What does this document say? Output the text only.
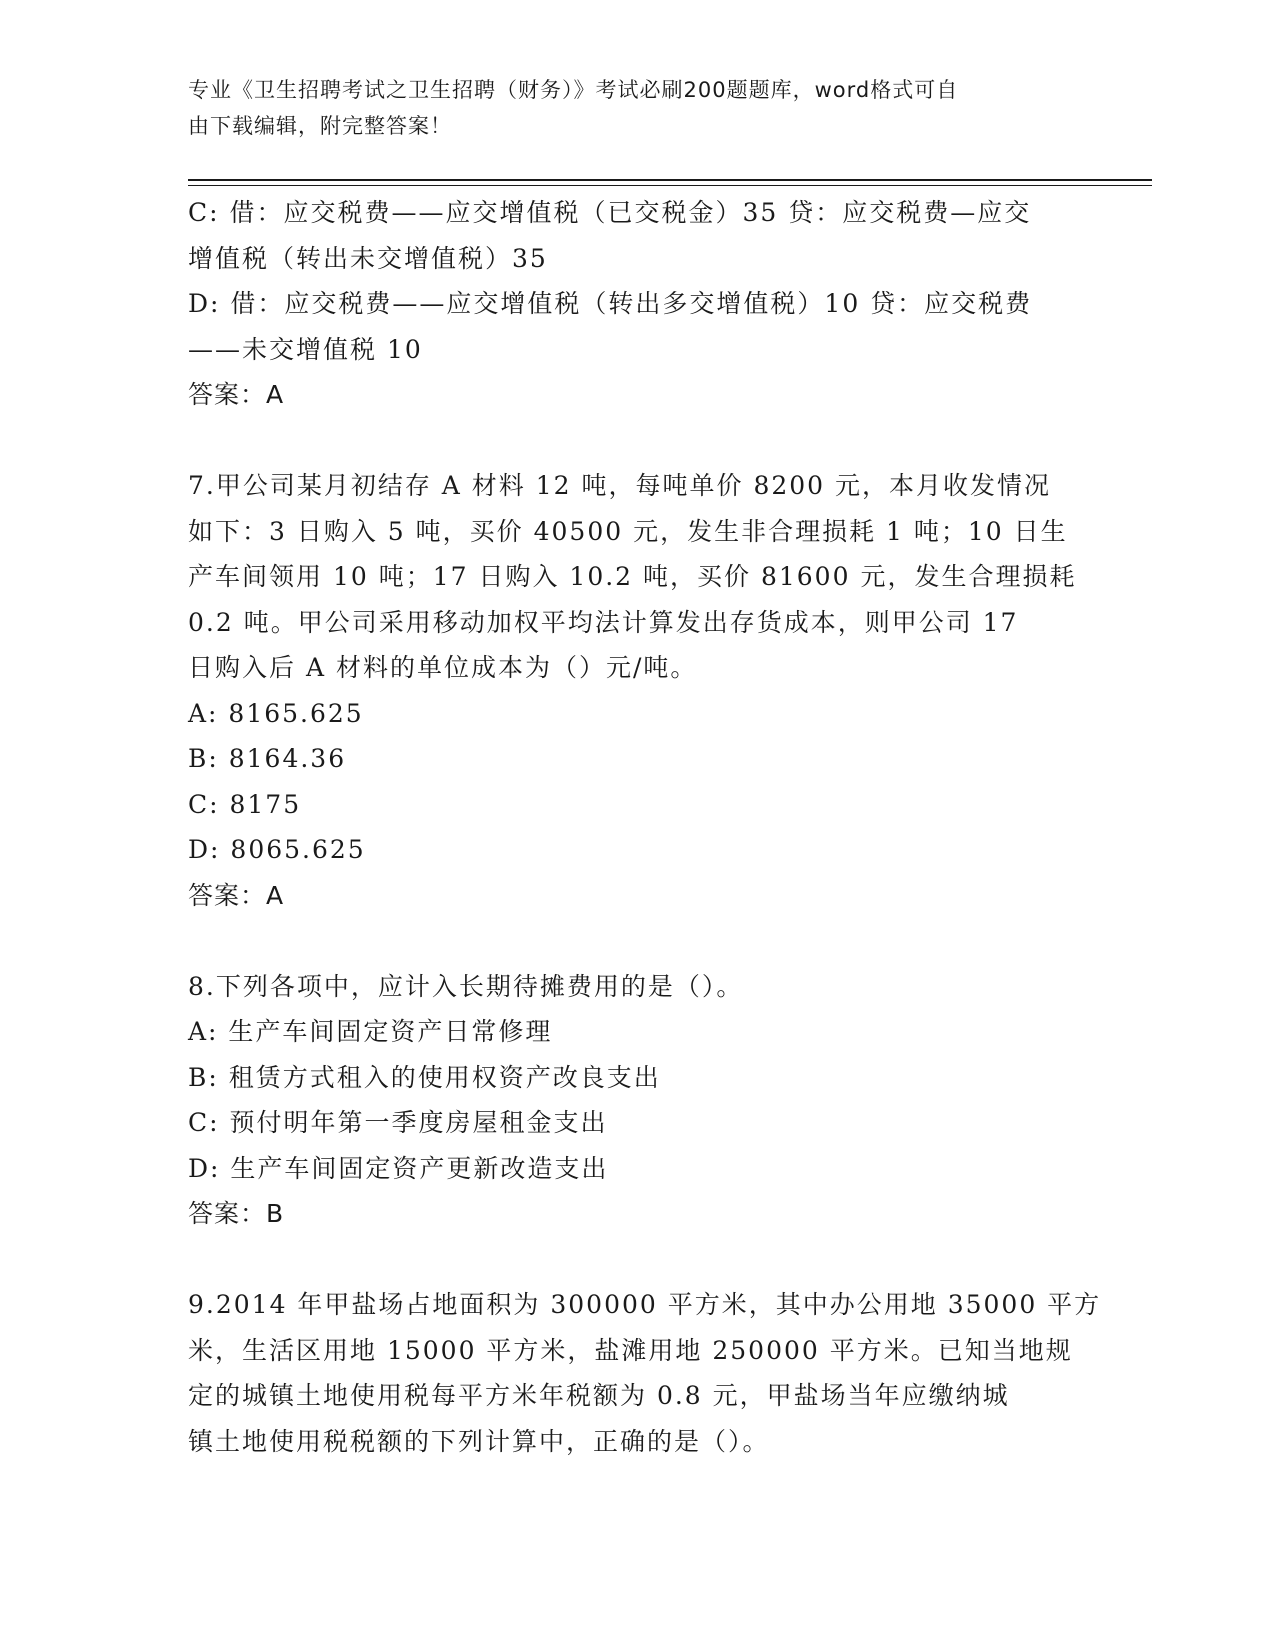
专业《卫生招聘考试之卫生招聘（财务）》考试必刷200题题库，word格式可自
由下载编辑，附完整答案！
C: 借：应交税费——应交增值税（已交税金）35 贷：应交税费—应交
增值税（转出未交增值税）35
D: 借：应交税费——应交增值税（转出多交增值税）10 贷：应交税费
——未交增值税 10
答案：A
7.甲公司某月初结存 A 材料 12 吨，每吨单价 8200 元，本月收发情况
如下：3 日购入 5 吨，买价 40500 元，发生非合理损耗 1 吨；10 日生
产车间领用 10 吨；17 日购入 10.2 吨，买价 81600 元，发生合理损耗
0.2 吨。甲公司采用移动加权平均法计算发出存货成本，则甲公司 17
日购入后 A 材料的单位成本为（）元/吨。
A: 8165.625
B: 8164.36
C: 8175
D: 8065.625
答案：A
8.下列各项中，应计入长期待摊费用的是（）。
A: 生产车间固定资产日常修理
B: 租赁方式租入的使用权资产改良支出
C: 预付明年第一季度房屋租金支出
D: 生产车间固定资产更新改造支出
答案：B
9.2014 年甲盐场占地面积为 300000 平方米，其中办公用地 35000 平方
米，生活区用地 15000 平方米，盐滩用地 250000 平方米。已知当地规
定的城镇土地使用税每平方米年税额为 0.8 元，甲盐场当年应缴纳城
镇土地使用税税额的下列计算中，正确的是（）。
